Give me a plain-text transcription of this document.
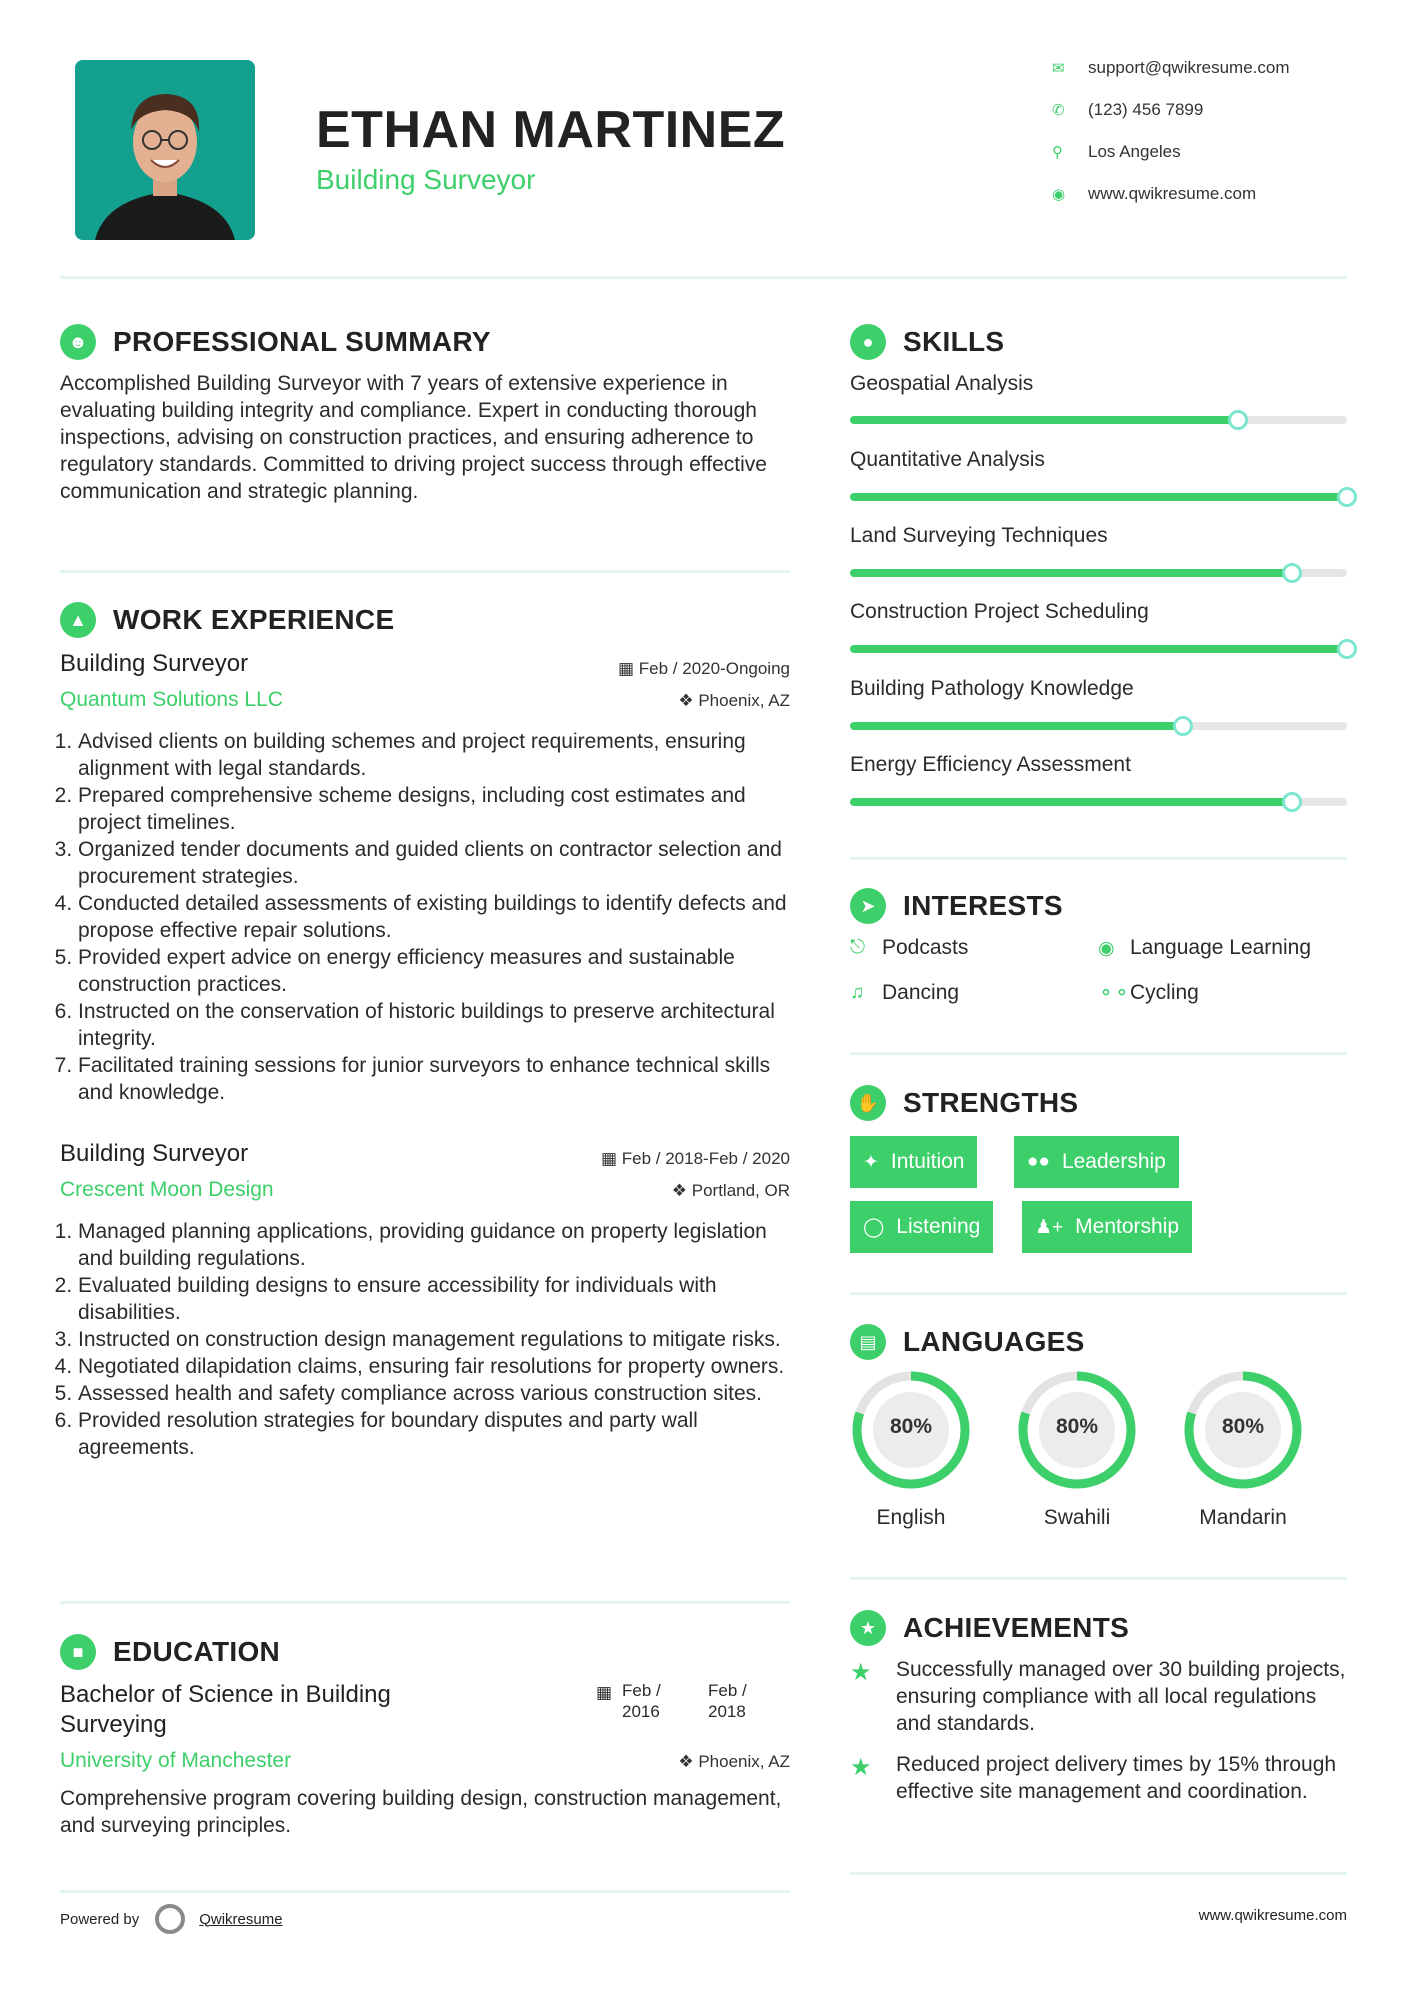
ETHAN MARTINEZ
Building Surveyor
✉	support@qwikresume.com
✆	(123) 456 7899
⚲	Los Angeles
◉	www.qwikresume.com
☻ PROFESSIONAL SUMMARY
Accomplished Building Surveyor with 7 years of extensive experience in evaluating building integrity and compliance. Expert in conducting thorough inspections, advising on construction practices, and ensuring adherence to regulatory standards. Committed to driving project success through effective communication and strategic planning.
▲ WORK EXPERIENCE
Building Surveyor	▦ Feb / 2020-Ongoing
Quantum Solutions LLC	❖ Phoenix, AZ
1. Advised clients on building schemes and project requirements, ensuring alignment with legal standards.
2. Prepared comprehensive scheme designs, including cost estimates and project timelines.
3. Organized tender documents and guided clients on contractor selection and procurement strategies.
4. Conducted detailed assessments of existing buildings to identify defects and propose effective repair solutions.
5. Provided expert advice on energy efficiency measures and sustainable construction practices.
6. Instructed on the conservation of historic buildings to preserve architectural integrity.
7. Facilitated training sessions for junior surveyors to enhance technical skills and knowledge.
Building Surveyor	▦ Feb / 2018-Feb / 2020
Crescent Moon Design	❖ Portland, OR
1. Managed planning applications, providing guidance on property legislation and building regulations.
2. Evaluated building designs to ensure accessibility for individuals with disabilities.
3. Instructed on construction design management regulations to mitigate risks.
4. Negotiated dilapidation claims, ensuring fair resolutions for property owners.
5. Assessed health and safety compliance across various construction sites.
6. Provided resolution strategies for boundary disputes and party wall agreements.
■	EDUCATION
Bachelor of Science in Building Surveying
▦ Feb / 2016
Feb / 2018
University of Manchester	❖ Phoenix, AZ
Comprehensive program covering building design, construction management, and surveying principles.
●	SKILLS
Geospatial Analysis
Quantitative Analysis
Land Surveying Techniques
Construction Project Scheduling
Building Pathology Knowledge
Energy Efficiency Assessment
➤ INTERESTS
⎋ Podcasts	◉ Language Learning
♫ Dancing	⚬⚬ Cycling
✋ STRENGTHS
✦ Intuition	●● Leadership
◯ Listening	♟+ Mentorship
▤ LANGUAGES
80%	80%	80%
English	Swahili	Mandarin
★ ACHIEVEMENTS
★ Successfully managed over 30 building projects, ensuring compliance with all local regulations and standards.
★ Reduced project delivery times by 15% through effective site management and coordination.
Powered by	Qwikresume	www.qwikresume.com
